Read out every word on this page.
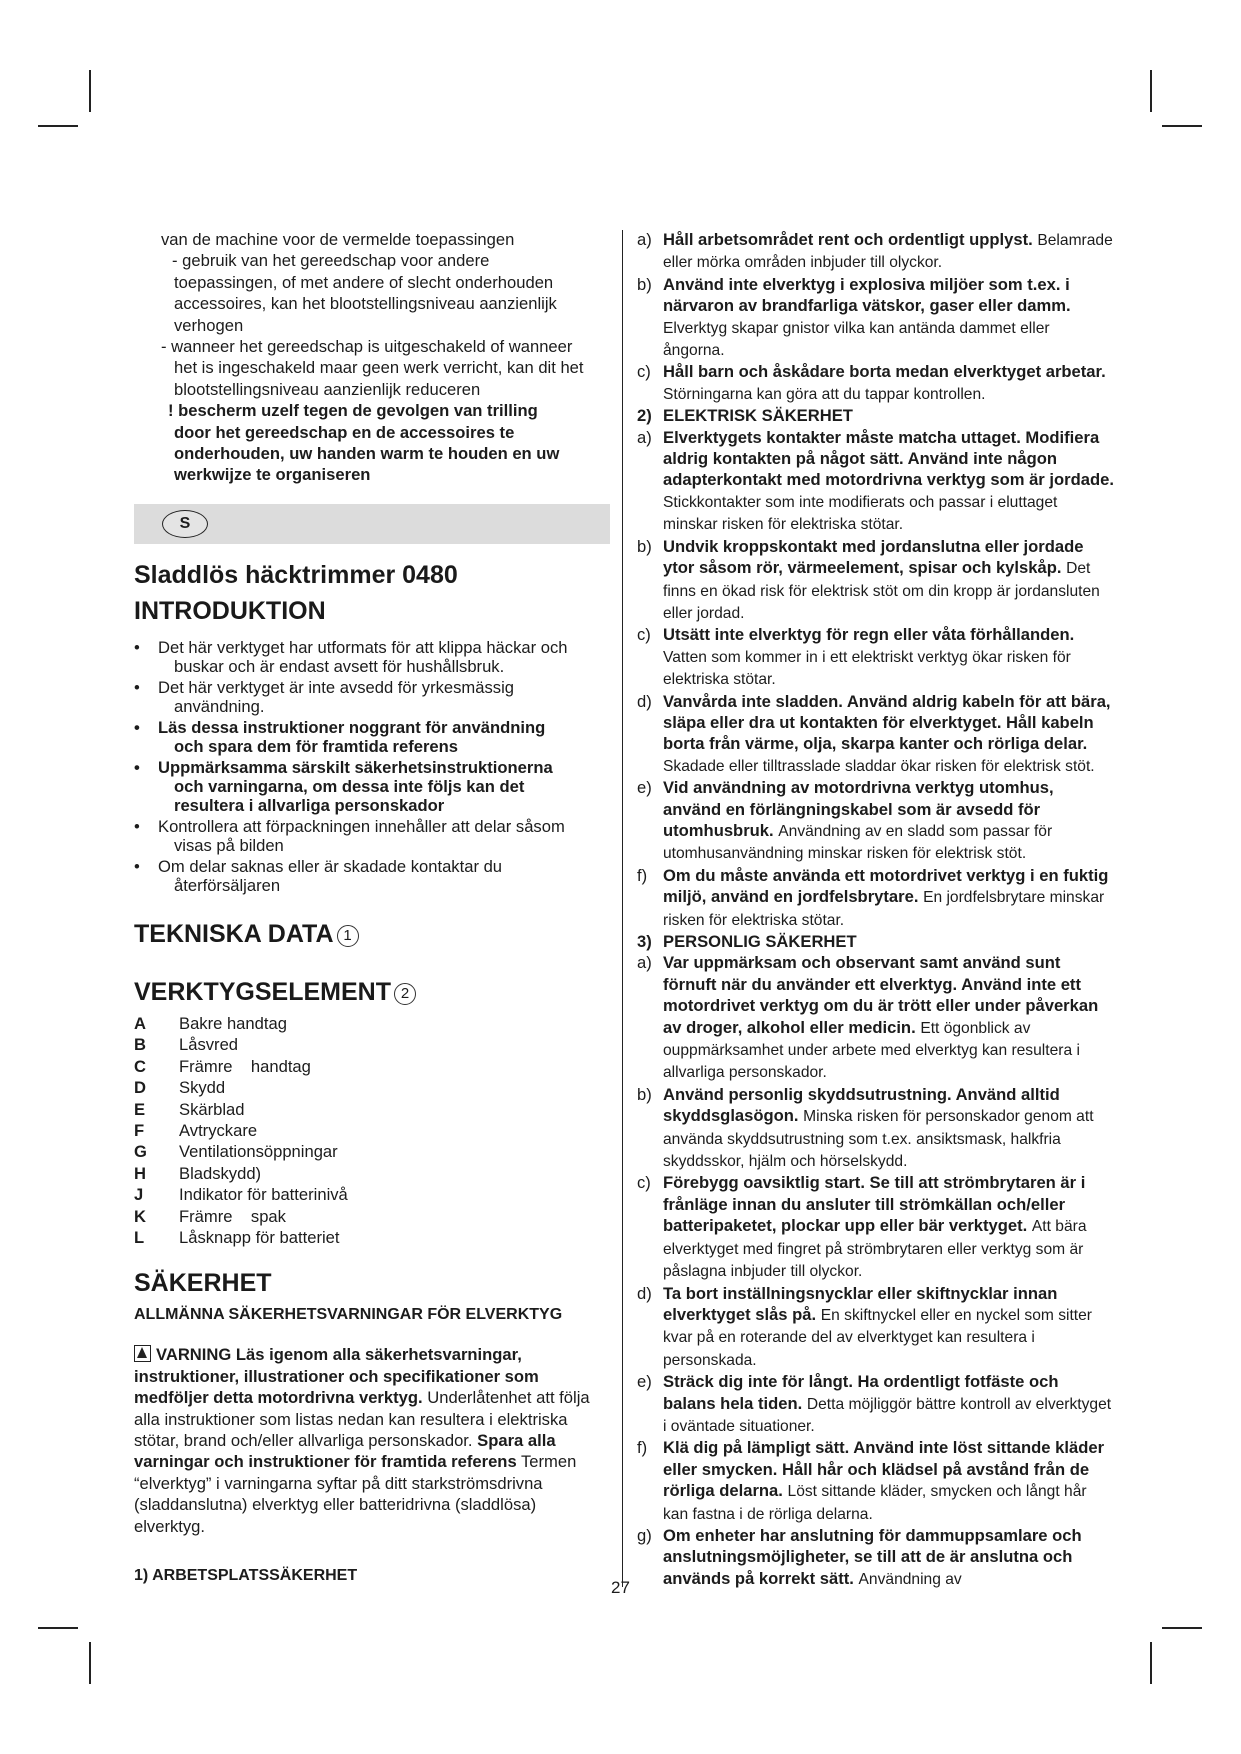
van de machine voor de vermelde toepassingen

- gebruik van het gereedschap voor andere

toepassingen, of met andere of slecht onderhouden

accessoires, kan het blootstellingsniveau aanzienlijk

verhogen

- wanneer het gereedschap is uitgeschakeld of wanneer

het is ingeschakeld maar geen werk verricht, kan dit het

blootstellingsniveau aanzienlijk reduceren

! bescherm uzelf tegen de gevolgen van trilling

door het gereedschap en de accessoires te

onderhouden, uw handen warm te houden en uw

werkwijze te organiseren

S
Sladdlös häcktrimmer 0480
INTRODUKTION
• Det här verktyget har utformats för att klippa häckar och
buskar och är endast avsett för hushållsbruk.
• Det här verktyget är inte avsedd för yrkesmässig
användning.
• Läs dessa instruktioner noggrant för användning
och spara dem för framtida referens
• Uppmärksamma särskilt säkerhetsinstruktionerna
och varningarna, om dessa inte följs kan det
resultera i allvarliga personskador
• Kontrollera att förpackningen innehåller att delar såsom
visas på bilden
• Om delar saknas eller är skadade kontaktar du
återförsäljaren
TEKNISKA DATA 1
VERKTYGSELEMENT 2
A	Bakre handtag
B	Låsvred
C	Främre    handtag
D	Skydd
E	Skärblad
F	Avtryckare
G	Ventilationsöppningar
H	Bladskydd)
J	Indikator för batterinivå
K	Främre    spak
L	Låsknapp för batteriet
SÄKERHET
ALLMÄNNA SÄKERHETSVARNINGAR FÖR ELVERKTYG

VARNING Läs igenom alla säkerhetsvarningar, instruktioner, illustrationer och specifikationer som medföljer detta motordrivna verktyg. Underlåtenhet att följa alla instruktioner som listas nedan kan resultera i elektriska stötar, brand och/eller allvarliga personskador. Spara alla varningar och instruktioner för framtida referens Termen “elverktyg” i varningarna syftar på ditt starkströmsdrivna (sladdanslutna) elverktyg eller batteridrivna (sladdlösa) elverktyg.

1) ARBETSPLATSSÄKERHET
a) Håll arbetsområdet rent och ordentligt upplyst. Belamrade eller mörka områden inbjuder till olyckor.
b) Använd inte elverktyg i explosiva miljöer som t.ex. i närvaron av brandfarliga vätskor, gaser eller damm. Elverktyg skapar gnistor vilka kan antända dammet eller ångorna.
c) Håll barn och åskådare borta medan elverktyget arbetar. Störningarna kan göra att du tappar kontrollen.
2) ELEKTRISK SÄKERHET
a) Elverktygets kontakter måste matcha uttaget. Modifiera aldrig kontakten på något sätt. Använd inte någon adapterkontakt med motordrivna verktyg som är jordade. Stickkontakter som inte modifierats och passar i eluttaget minskar risken för elektriska stötar.
b) Undvik kroppskontakt med jordanslutna eller jordade ytor såsom rör, värmeelement, spisar och kylskåp. Det finns en ökad risk för elektrisk stöt om din kropp är jordansluten eller jordad.
c) Utsätt inte elverktyg för regn eller våta förhållanden. Vatten som kommer in i ett elektriskt verktyg ökar risken för elektriska stötar.
d) Vanvårda inte sladden. Använd aldrig kabeln för att bära, släpa eller dra ut kontakten för elverktyget. Håll kabeln borta från värme, olja, skarpa kanter och rörliga delar. Skadade eller tilltrasslade sladdar ökar risken för elektrisk stöt.
e) Vid användning av motordrivna verktyg utomhus, använd en förlängningskabel som är avsedd för utomhusbruk. Användning av en sladd som passar för utomhusanvändning minskar risken för elektrisk stöt.
f) Om du måste använda ett motordrivet verktyg i en fuktig miljö, använd en jordfelsbrytare. En jordfelsbrytare minskar risken för elektriska stötar.
3) PERSONLIG SÄKERHET
a) Var uppmärksam och observant samt använd sunt förnuft när du använder ett elverktyg. Använd inte ett motordrivet verktyg om du är trött eller under påverkan av droger, alkohol eller medicin. Ett ögonblick av ouppmärksamhet under arbete med elverktyg kan resultera i allvarliga personskador.
b) Använd personlig skyddsutrustning. Använd alltid skyddsglasögon. Minska risken för personskador genom att använda skyddsutrustning som t.ex. ansiktsmask, halkfria skyddsskor, hjälm och hörselskydd.
c) Förebygg oavsiktlig start. Se till att strömbrytaren är i frånläge innan du ansluter till strömkällan och/eller batteripaketet, plockar upp eller bär verktyget. Att bära elverktyget med fingret på strömbrytaren eller verktyg som är påslagna inbjuder till olyckor.
d) Ta bort inställningsnycklar eller skiftnycklar innan elverktyget slås på. En skiftnyckel eller en nyckel som sitter kvar på en roterande del av elverktyget kan resultera i personskada.
e) Sträck dig inte för långt. Ha ordentligt fotfäste och balans hela tiden. Detta möjliggör bättre kontroll av elverktyget i oväntade situationer.
f) Klä dig på lämpligt sätt. Använd inte löst sittande kläder eller smycken. Håll hår och klädsel på avstånd från de rörliga delarna. Löst sittande kläder, smycken och långt hår kan fastna i de rörliga delarna.
g) Om enheter har anslutning för dammuppsamlare och anslutningsmöjligheter, se till att de är anslutna och används på korrekt sätt. Användning av
27
